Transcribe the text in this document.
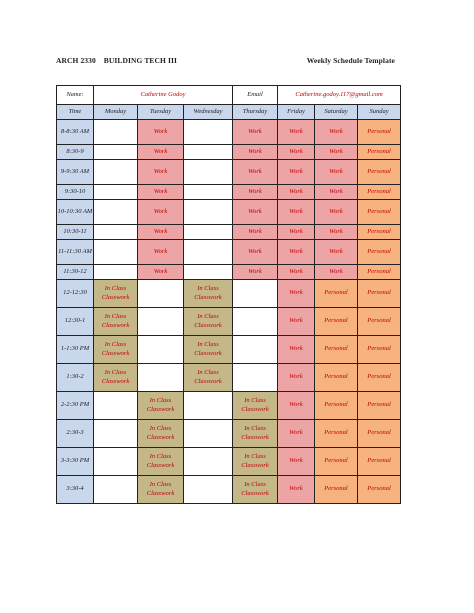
ARCH 2330 BUILDING TECH III	Weekly Schedule Template
Name:	Catherine Godoy			Email	Catherine.godoy.117@gmail.com		
Time	Monday	Tuesday	Wednesday	Thursday	Friday	Saturday	Sunday
8-8:30 AM		Work		Work	Work	Work	Personal
8:30-9		Work		Work	Work	Work	Personal
9-9:30 AM		Work		Work	Work	Work	Personal
9:30-10		Work		Work	Work	Work	Personal
10-10:30 AM		Work		Work	Work	Work	Personal
10:30-11		Work		Work	Work	Work	Personal
11-11:30 AM		Work		Work	Work	Work	Personal
11:30-12		Work		Work	Work	Work	Personal
12-12:30	In Class Classwork		In Class Classwork		Work	Personal	Personal
12:30-1	In Class Classwork		In Class Classwork		Work	Personal	Personal
1-1:30 PM	In Class Classwork		In Class Classwork		Work	Personal	Personal
1:30-2	In Class Classwork		In Class Classwork		Work	Personal	Personal
2-2:30 PM		In Class Classwork		In Class Classwork	Work	Personal	Personal
2:30-3		In Class Classwork		In Class Classwork	Work	Personal	Personal
3-3:30 PM		In Class Classwork		In Class Classwork	Work	Personal	Personal
3:30-4		In Class Classwork		In Class Classwork	Work	Personal	Personal
